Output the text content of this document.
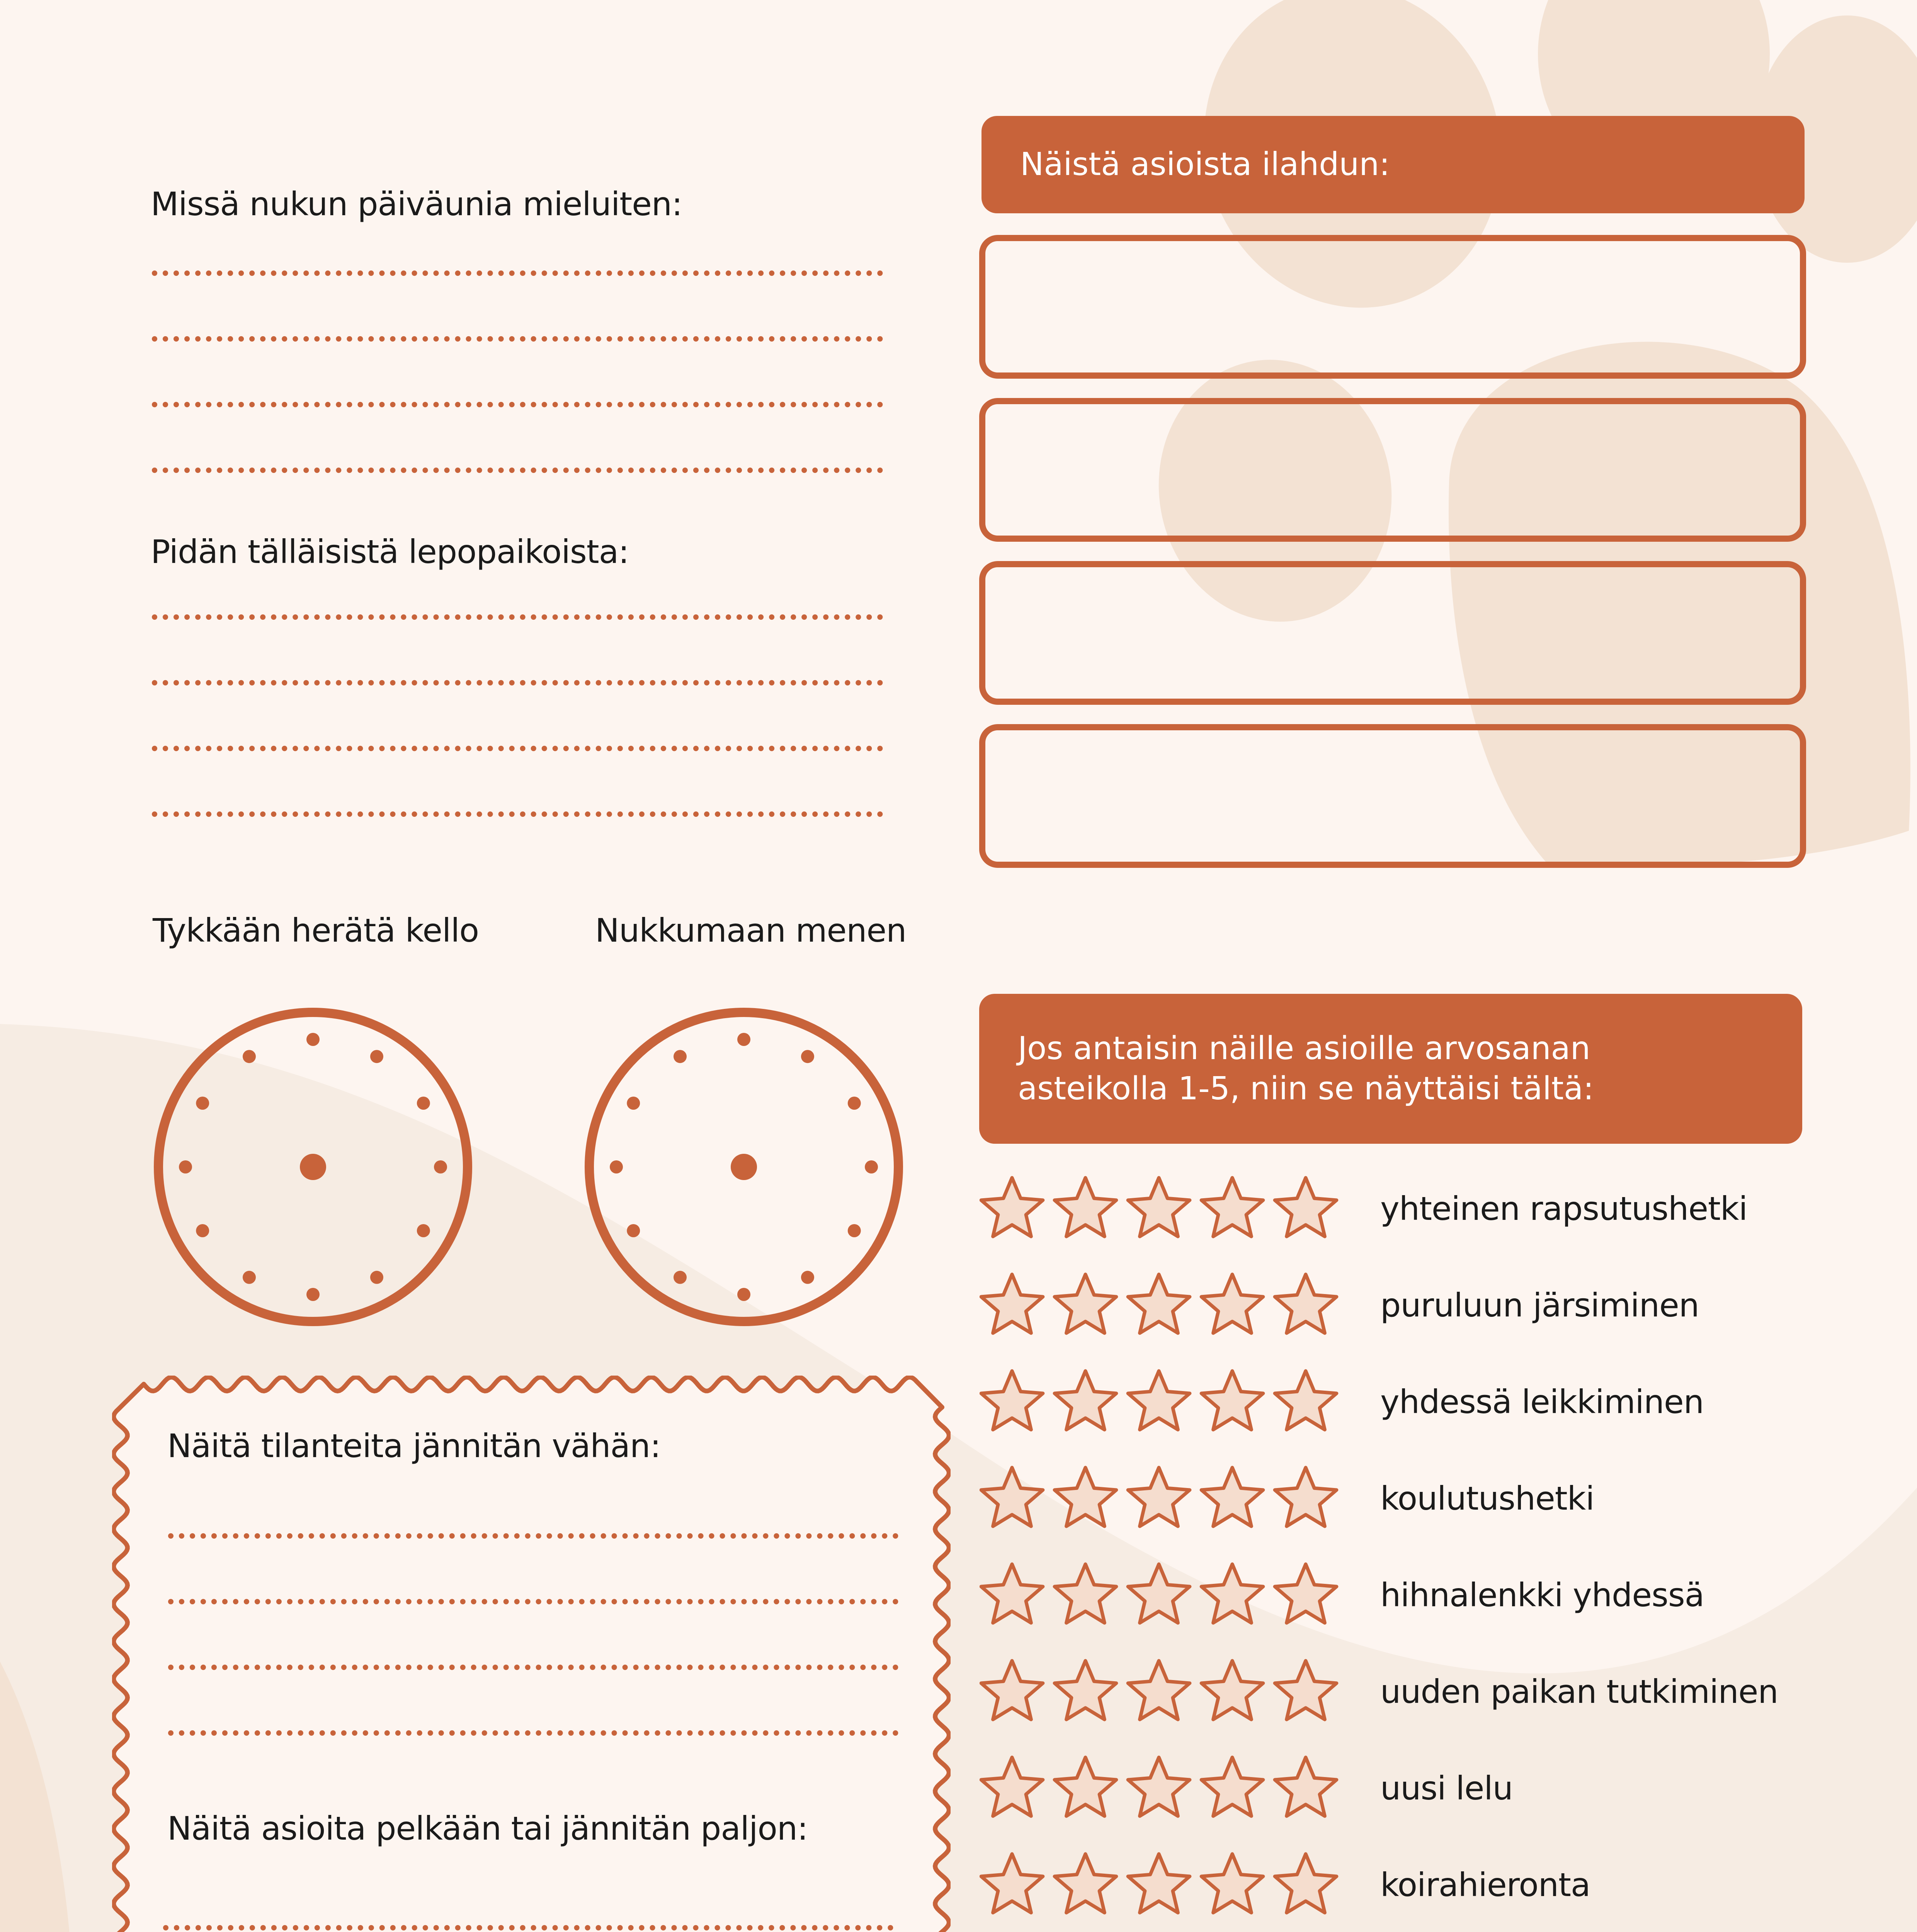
Missä nukun päiväunia mieluiten:
Pidän tälläisistä lepopaikoista:
Tykkään herätä kello	Nukkumaan menen
Näistä asioista ilahdun:
Jos antaisin näille asioille arvosanan asteikolla 1-5, niin se näyttäisi tältä:
yhteinen rapsutushetki
puruluun järsiminen
yhdessä leikkiminen
koulutushetki
hihnalenkki yhdessä
uuden paikan tutkiminen
uusi lelu
koirahieronta
Näitä tilanteita jännitän vähän:
Näitä asioita pelkään tai jännitän paljon:
